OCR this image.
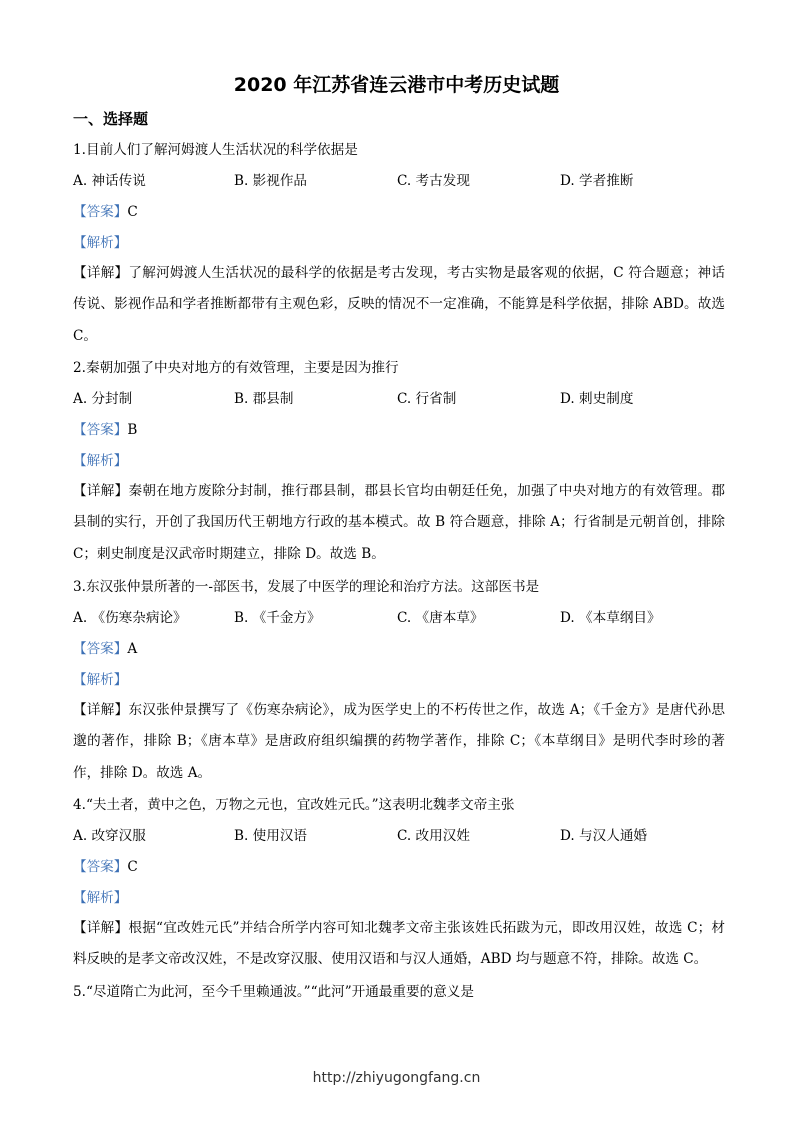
2020 年江苏省连云港市中考历史试题
一、选择题
1.目前人们了解河姆渡人生活状况的科学依据是
A. 神话传说	B. 影视作品	C. 考古发现	D. 学者推断
【答案】C
【解析】
【详解】了解河姆渡人生活状况的最科学的依据是考古发现，考古实物是最客观的依据，C 符合题意；神话传说、影视作品和学者推断都带有主观色彩，反映的情况不一定准确，不能算是科学依据，排除 ABD。故选 C。
2.秦朝加强了中央对地方的有效管理，主要是因为推行
A. 分封制	B. 郡县制	C. 行省制	D. 刺史制度
【答案】B
【解析】
【详解】秦朝在地方废除分封制，推行郡县制，郡县长官均由朝廷任免，加强了中央对地方的有效管理。郡县制的实行，开创了我国历代王朝地方行政的基本模式。故 B 符合题意，排除 A；行省制是元朝首创，排除 C；刺史制度是汉武帝时期建立，排除 D。故选 B。
3.东汉张仲景所著的一-部医书，发展了中医学的理论和治疗方法。这部医书是
A. 《伤寒杂病论》	B. 《千金方》	C. 《唐本草》	D. 《本草纲目》
【答案】A
【解析】
【详解】东汉张仲景撰写了《伤寒杂病论》，成为医学史上的不朽传世之作，故选 A；《千金方》是唐代孙思邈的著作，排除 B；《唐本草》是唐政府组织编撰的药物学著作，排除 C；《本草纲目》是明代李时珍的著作，排除 D。故选 A。
4.“夫土者，黄中之色，万物之元也，宜改姓元氏。”这表明北魏孝文帝主张
A. 改穿汉服	B. 使用汉语	C. 改用汉姓	D. 与汉人通婚
【答案】C
【解析】
【详解】根据“宜改姓元氏”并结合所学内容可知北魏孝文帝主张该姓氏拓跋为元，即改用汉姓，故选 C；材料反映的是孝文帝改汉姓，不是改穿汉服、使用汉语和与汉人通婚，ABD 均与题意不符，排除。故选 C。
5.“尽道隋亡为此河，至今千里赖通波。”“此河”开通最重要的意义是
http://zhiyugongfang.cn
